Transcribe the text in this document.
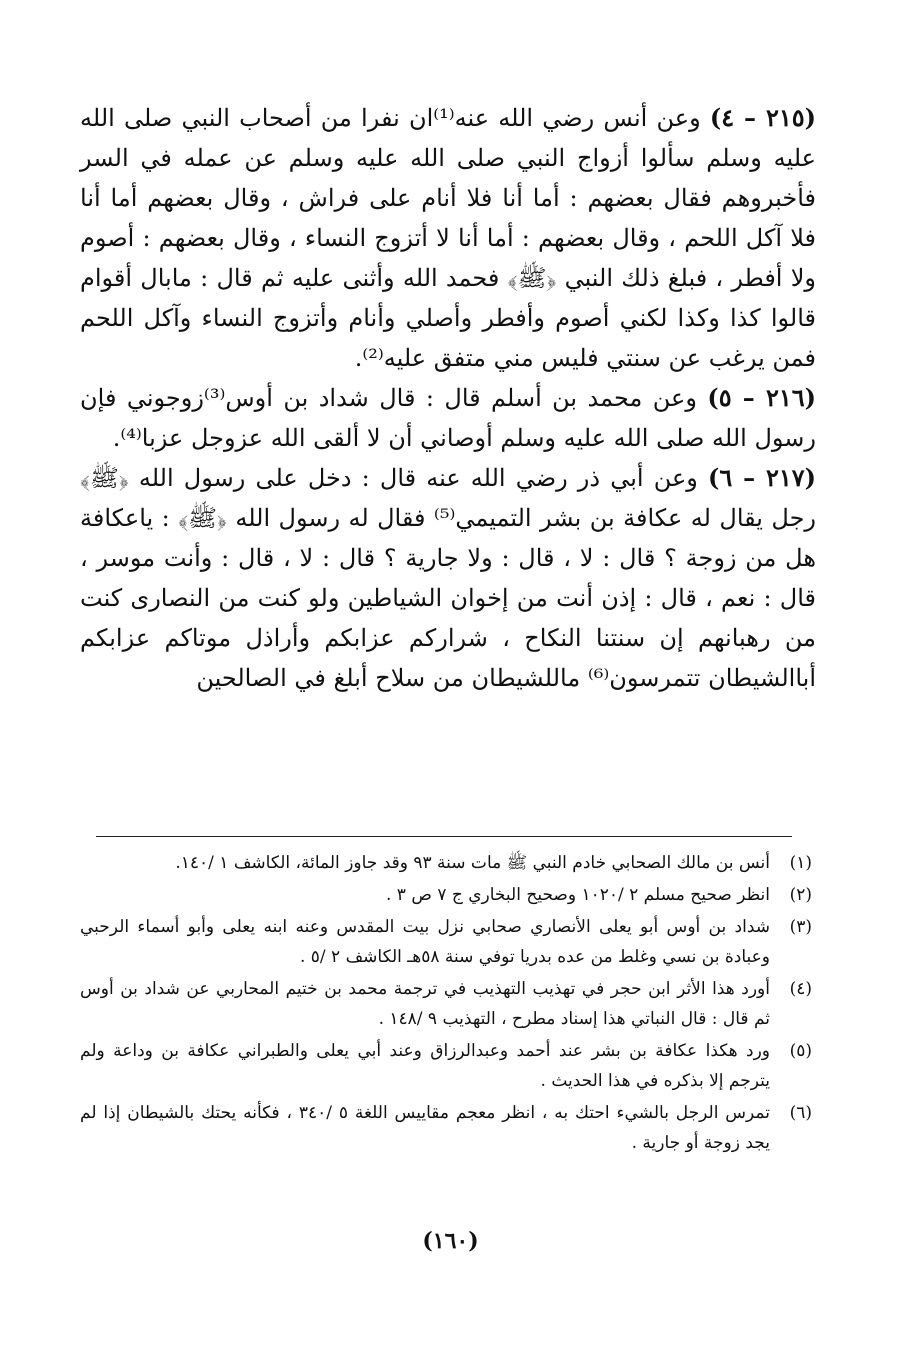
(٢١٥ – ٤) وعن أنس رضي الله عنه⁽¹⁾ان نفرا من أصحاب النبي صلى الله عليه وسلم سألوا أزواج النبي صلى الله عليه وسلم عن عمله في السر فأخبروهم فقال بعضهم : أما أنا فلا أنام على فراش ، وقال بعضهم أما أنا فلا آكل اللحم ، وقال بعضهم : أما أنا لا أتزوج النساء ، وقال بعضهم : أصوم ولا أفطر ، فبلغ ذلك النبي ﴿ﷺ﴾ فحمد الله وأثنى عليه ثم قال : مابال أقوام قالوا كذا وكذا لكني أصوم وأفطر وأصلي وأنام وأتزوج النساء وآكل اللحم فمن يرغب عن سنتي فليس مني متفق عليه⁽²⁾.

(٢١٦ – ٥) وعن محمد بن أسلم قال : قال شداد بن أوس⁽³⁾زوجوني فإن رسول الله صلى الله عليه وسلم أوصاني أن لا ألقى الله عزوجل عزبا⁽⁴⁾.

(٢١٧ – ٦) وعن أبي ذر رضي الله عنه قال : دخل على رسول الله ﴿ﷺ﴾ رجل يقال له عكافة بن بشر التميمي⁽⁵⁾ فقال له رسول الله ﴿ﷺ﴾ : ياعكافة هل من زوجة ؟ قال : لا ، قال : ولا جارية ؟ قال : لا ، قال : وأنت موسر ، قال : نعم ، قال : إذن أنت من إخوان الشياطين ولو كنت من النصارى كنت من رهبانهم إن سنتنا النكاح ، شراركم عزابكم وأراذل موتاكم عزابكم أباالشيطان تتمرسون⁽⁶⁾ ماللشيطان من سلاح أبلغ في الصالحين

(١)
أنس بن مالك الصحابي خادم النبي ﷺ مات سنة ٩٣ وقد جاوز المائة، الكاشف ١ /١٤٠.

(٢)
انظر صحيح مسلم ٢ /١٠٢٠ وصحيح البخاري ج ٧ ص ٣ .

(٣)
شداد بن أوس أبو يعلى الأنصاري صحابي نزل بيت المقدس وعنه ابنه يعلى وأبو أسماء الرحبي وعبادة بن نسي وغلط من عده بدريا توفي سنة ٥٨هـ الكاشف ٢ /٥ .

(٤)
أورد هذا الأثر ابن حجر في تهذيب التهذيب في ترجمة محمد بن ختيم المحاربي عن شداد بن أوس ثم قال : قال النباتي هذا إسناد مطرح ، التهذيب ٩ /١٤٨ .

(٥)
ورد هكذا عكافة بن بشر عند أحمد وعبدالرزاق وعند أبي يعلى والطبراني عكافة بن وداعة ولم يترجم إلا بذكره في هذا الحديث .

(٦)
تمرس الرجل بالشيء احتك به ، انظر معجم مقاييس اللغة ٥ /٣٤٠ ، فكأنه يحتك بالشيطان إذا لم يجد زوجة أو جارية .

(١٦٠)
